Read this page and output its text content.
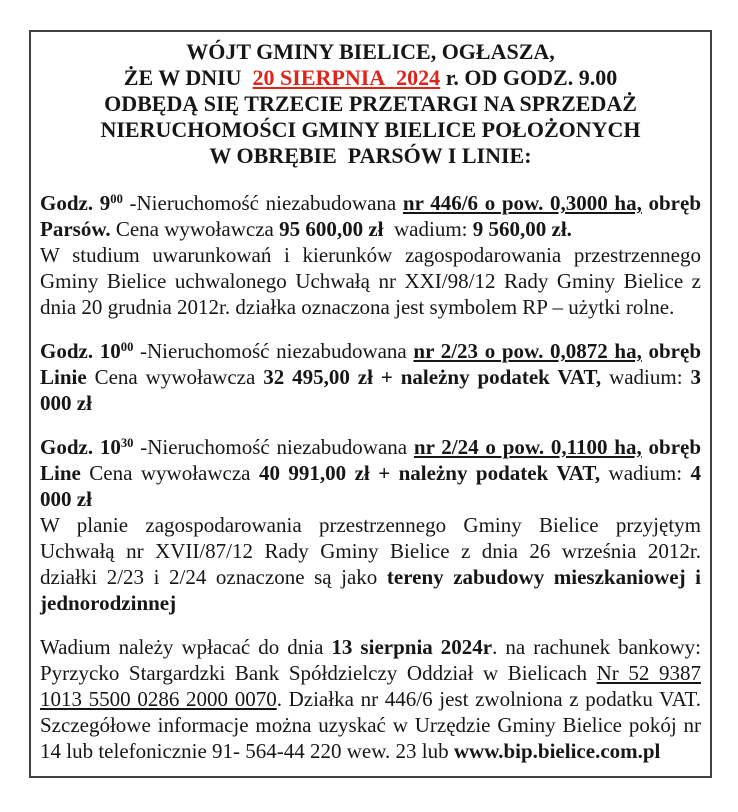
WÓJT GMINY BIELICE, OGŁASZA,
ŻE W DNIU  20 SIERPNIA  2024 r. OD GODZ. 9.00
ODBĘDĄ SIĘ TRZECIE PRZETARGI NA SPRZEDAŻ
NIERUCHOMOŚCI GMINY BIELICE POŁOŻONYCH
W OBRĘBIE  PARSÓW I LINIE:

Godz. $9^{00}$ -Nieruchomość niezabudowana nr 446/6 o pow. 0,3000 ha, obręb Parsów. Cena wywoławcza 95 600,00 zł  wadium: 9 560,00 zł.
W studium uwarunkowań i kierunków zagospodarowania przestrzennego Gminy Bielice uchwalonego Uchwałą nr XXI/98/12 Rady Gminy Bielice z dnia 20 grudnia 2012r. działka oznaczona jest symbolem RP – użytki rolne.

Godz. $10^{00}$ -Nieruchomość niezabudowana nr 2/23 o pow. 0,0872 ha, obręb Linie Cena wywoławcza 32 495,00 zł + należny podatek VAT, wadium: 3 000 zł

Godz. $10^{30}$ -Nieruchomość niezabudowana nr 2/24 o pow. 0,1100 ha, obręb Line Cena wywoławcza 40 991,00 zł + należny podatek VAT, wadium: 4 000 zł
W planie zagospodarowania przestrzennego Gminy Bielice przyjętym Uchwałą nr XVII/87/12 Rady Gminy Bielice z dnia 26 września 2012r. działki 2/23 i 2/24 oznaczone są jako tereny zabudowy mieszkaniowej i jednorodzinnej

Wadium należy wpłacać do dnia 13 sierpnia 2024r. na rachunek bankowy: Pyrzycko Stargardzki Bank Spółdzielczy Oddział w Bielicach Nr 52 9387 1013 5500 0286 2000 0070. Działka nr 446/6 jest zwolniona z podatku VAT. Szczegółowe informacje można uzyskać w Urzędzie Gminy Bielice pokój nr 14 lub telefonicznie 91- 564-44 220 wew. 23 lub www.bip.bielice.com.pl
